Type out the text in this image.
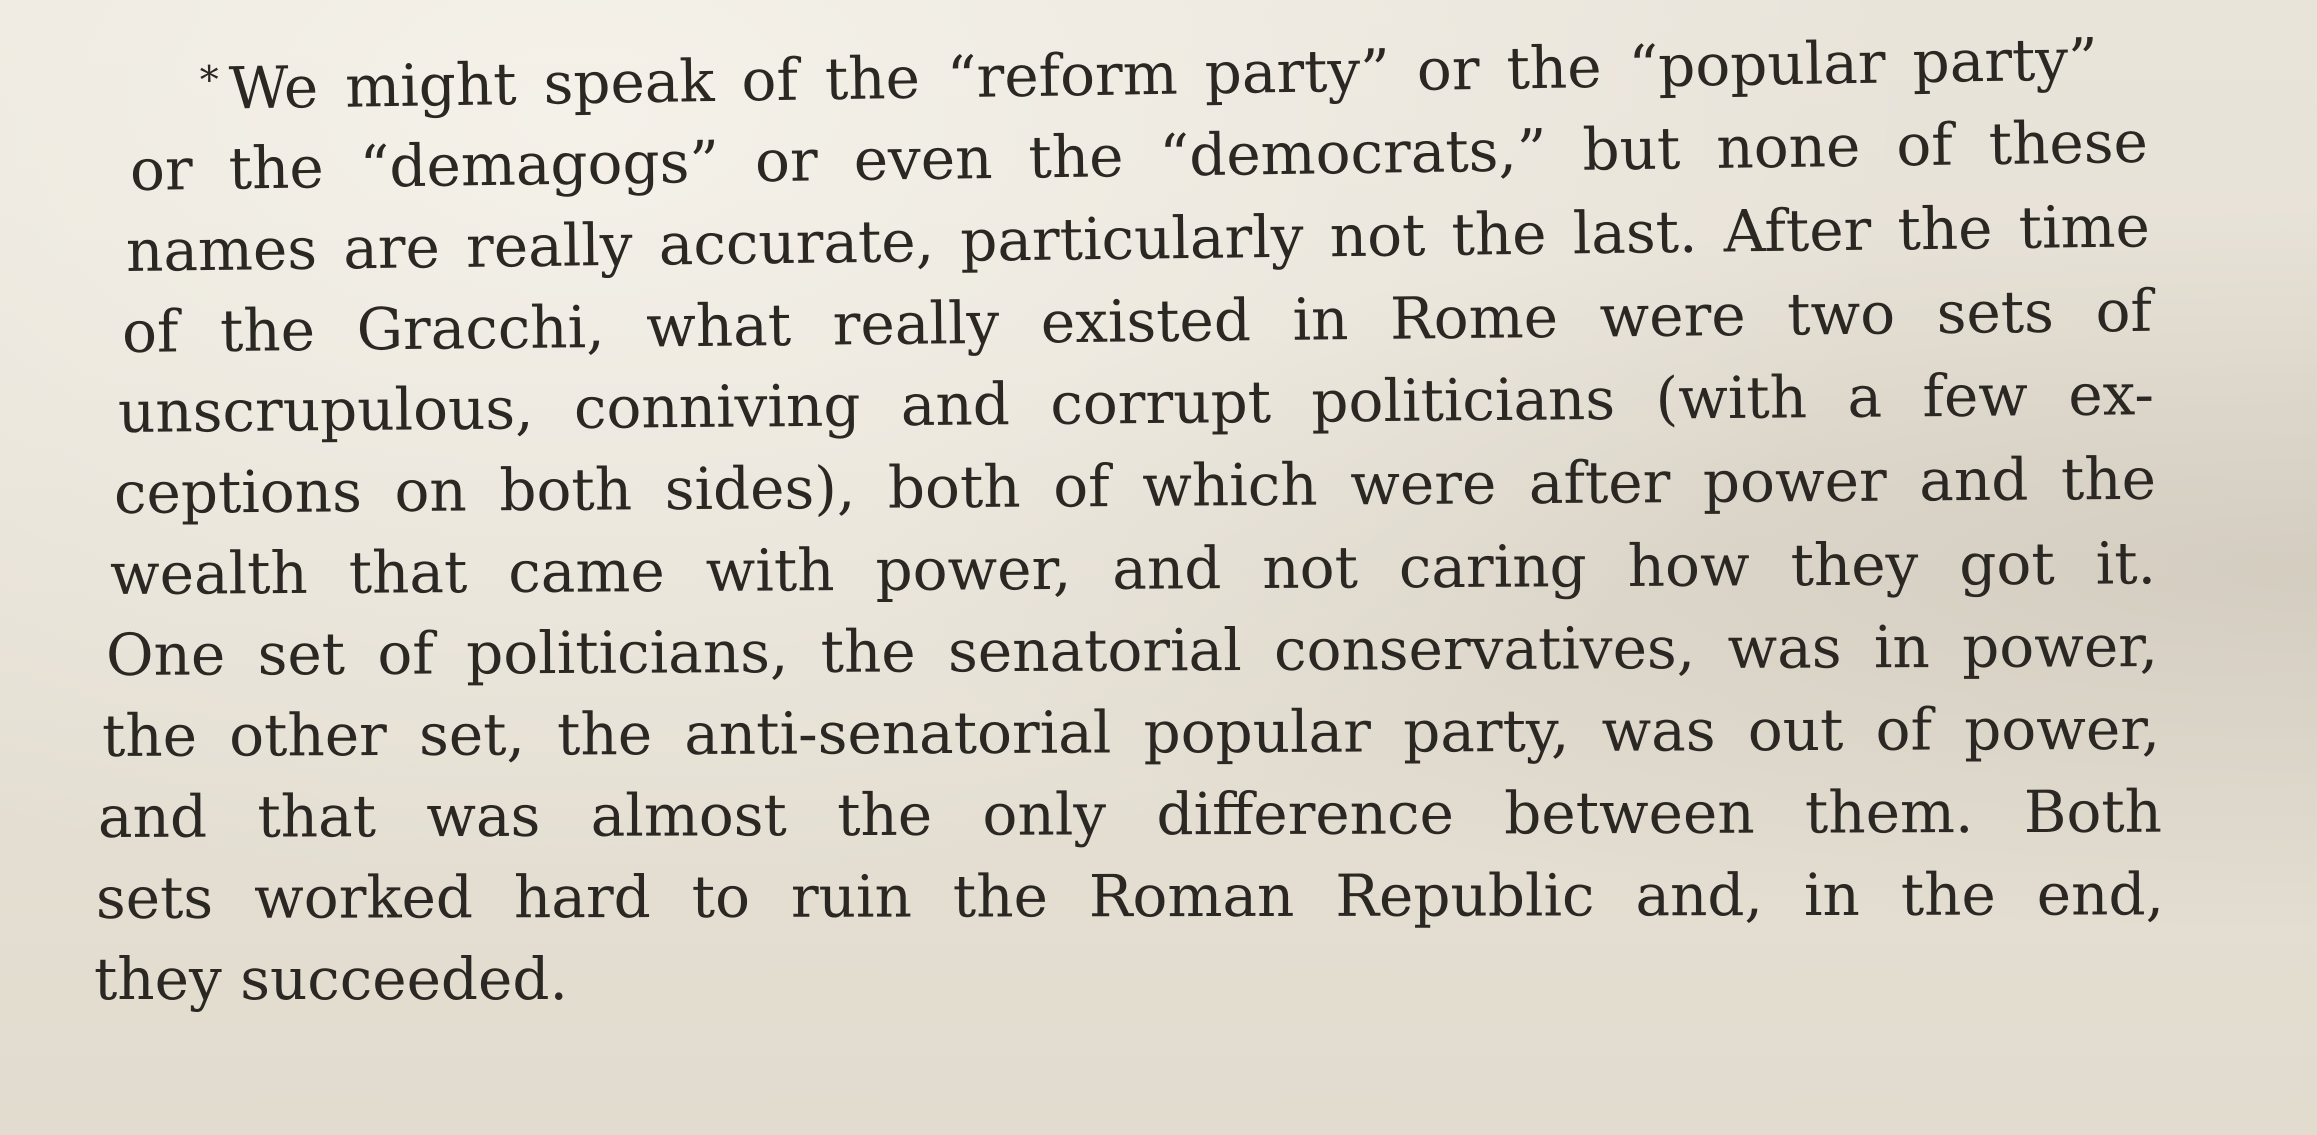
* We might speak of the “reform party” or the “popular party”
or the “demagogs” or even the “democrats,” but none of these
names are really accurate, particularly not the last. After the time
of the Gracchi, what really existed in Rome were two sets of
unscrupulous, conniving and corrupt politicians (with a few ex-
ceptions on both sides), both of which were after power and the
wealth that came with power, and not caring how they got it.
One set of politicians, the senatorial conservatives, was in power,
the other set, the anti-senatorial popular party, was out of power,
and that was almost the only difference between them. Both
sets worked hard to ruin the Roman Republic and, in the end,
they succeeded.
